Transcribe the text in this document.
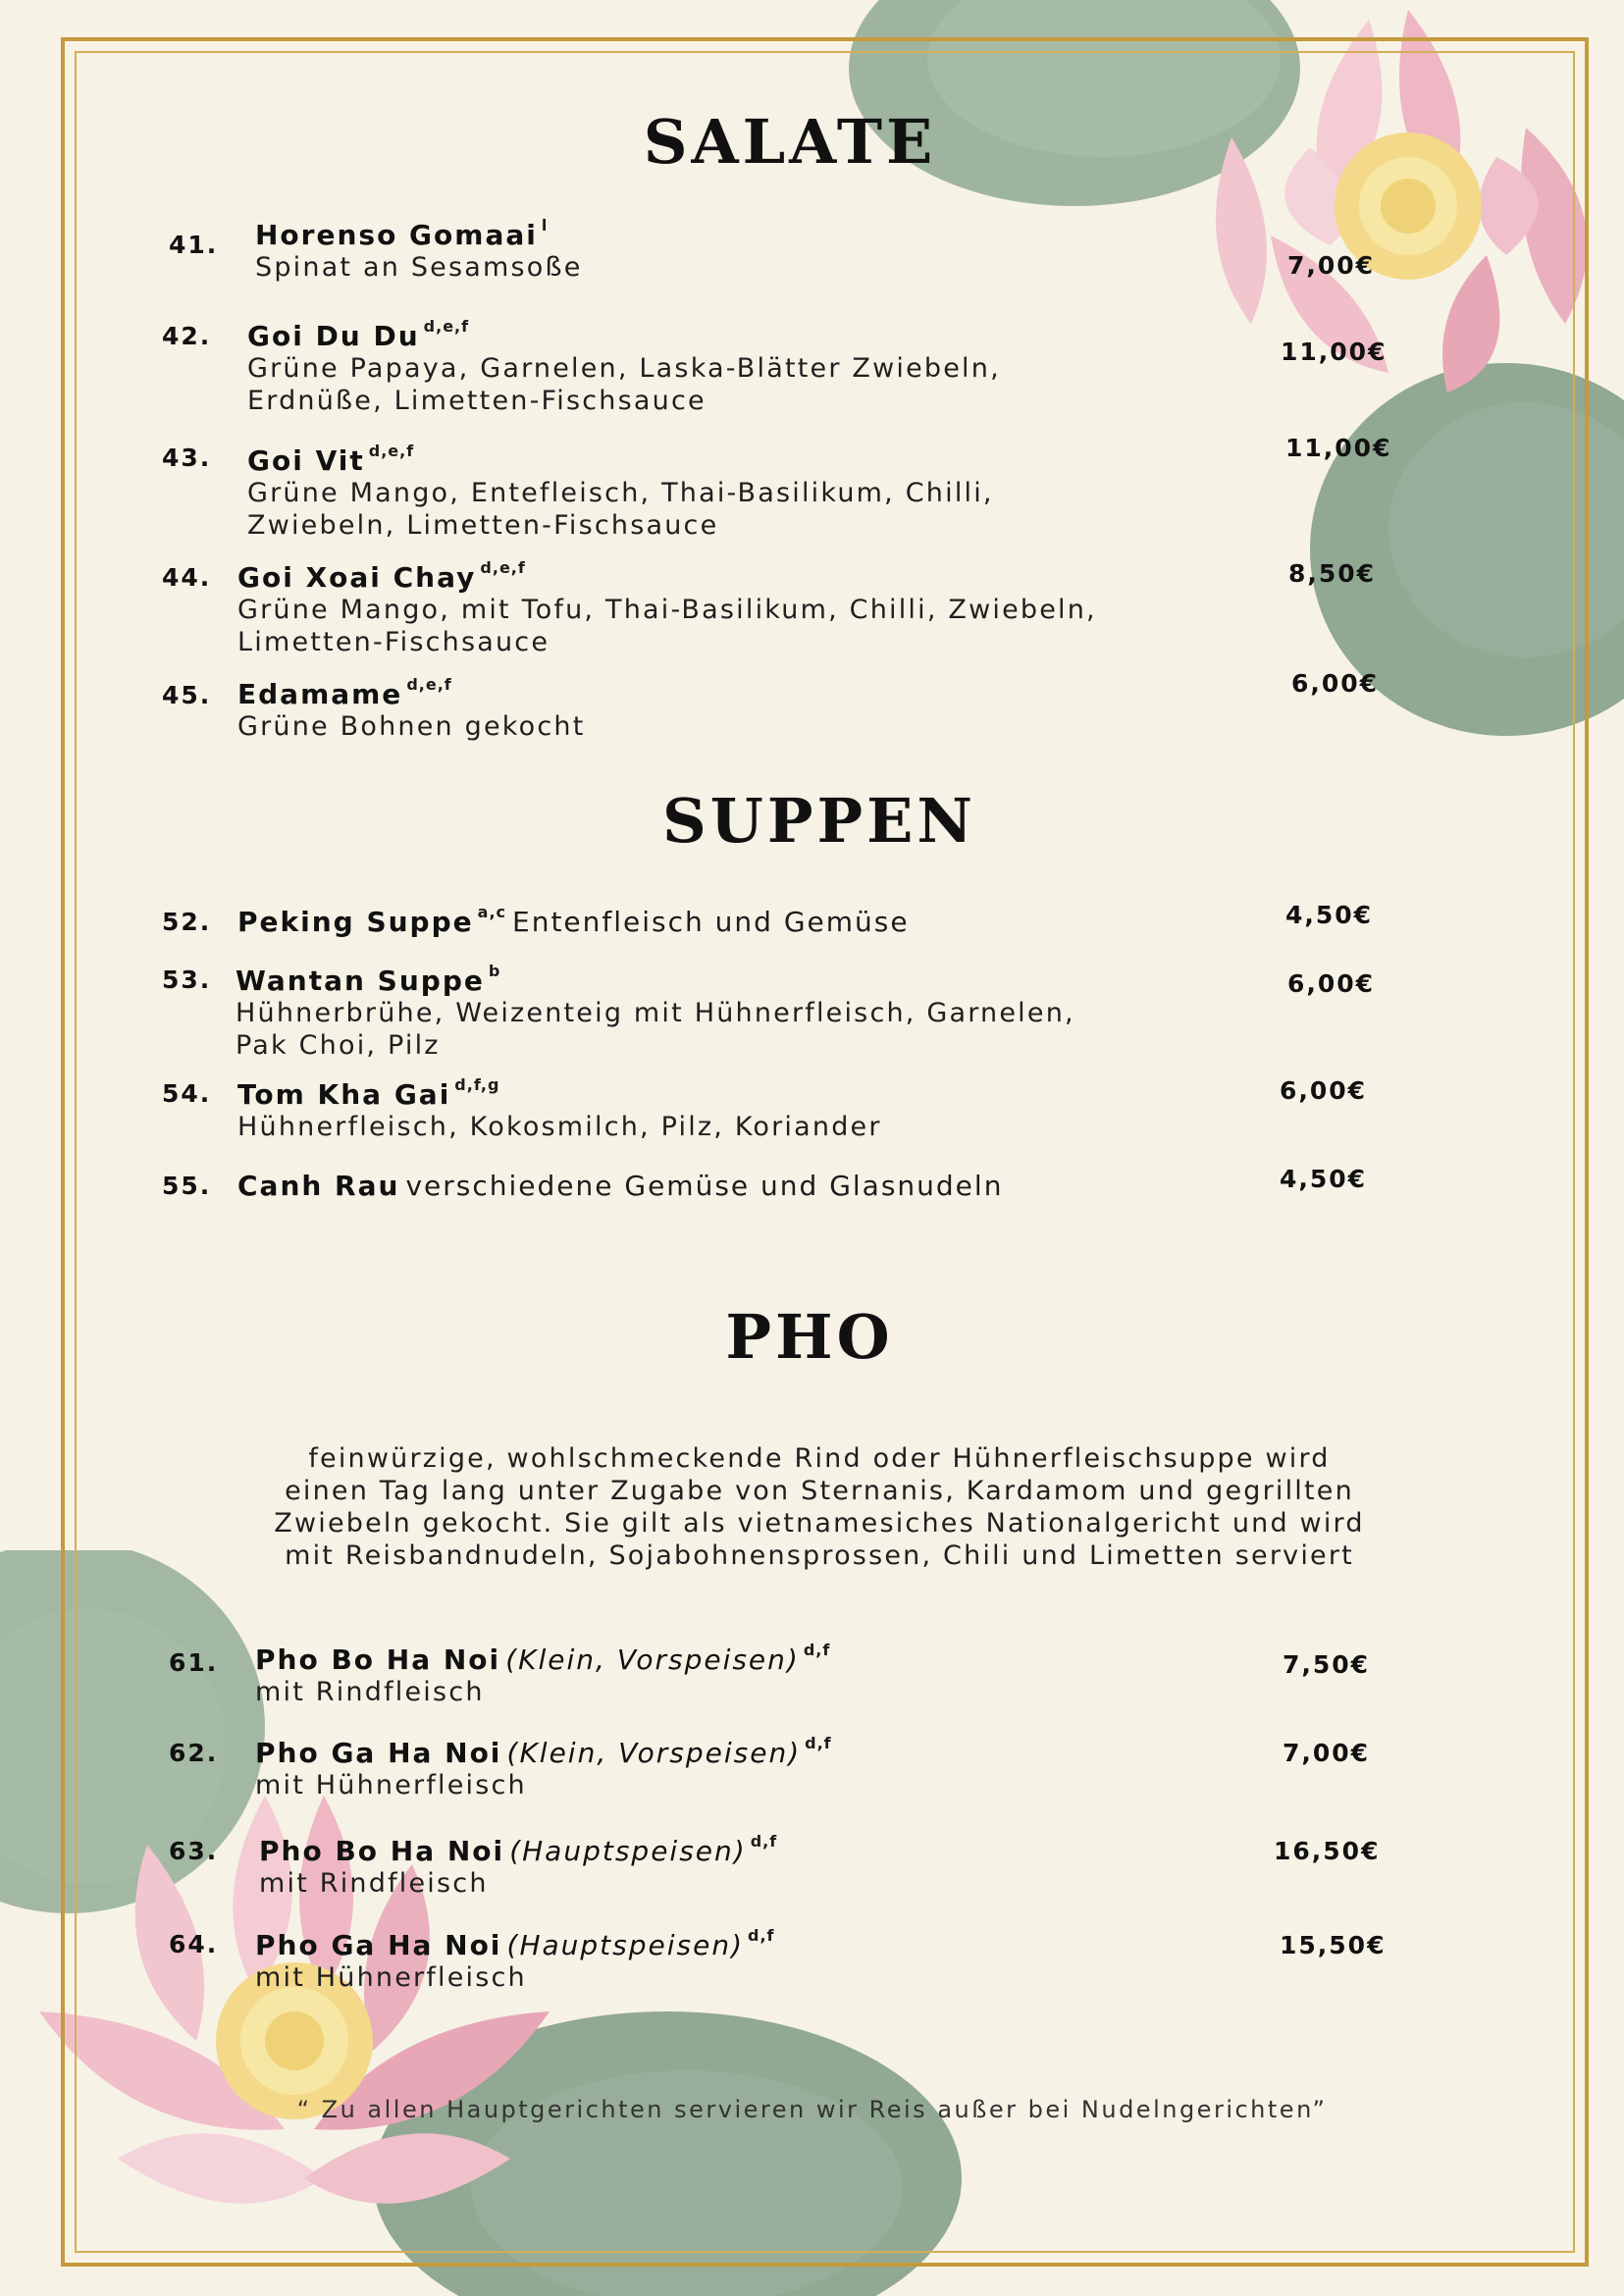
SALATE
41. Horenso Gomaai l
Spinat an Sesamsoße	7,00€
42. Goi Du Du d,e,f
Grüne Papaya, Garnelen, Laska-Blätter Zwiebeln,
Erdnüße, Limetten-Fischsauce
11,00€
43. Goi Vit d,e,f
Grüne Mango, Entefleisch, Thai-Basilikum, Chilli,
Zwiebeln, Limetten-Fischsauce
11,00€
44. Goi Xoai Chay d,e,f
Grüne Mango, mit Tofu, Thai-Basilikum, Chilli, Zwiebeln,
Limetten-Fischsauce
8,50€
45. Edamame d,e,f
Grüne Bohnen gekocht
6,00€
SUPPEN
52. Peking Suppe a,c Entenfleisch und Gemüse	4,50€
53. Wantan Suppe b
Hühnerbrühe, Weizenteig mit Hühnerfleisch, Garnelen,
Pak Choi, Pilz
6,00€
54. Tom Kha Gai d,f,g
Hühnerfleisch, Kokosmilch, Pilz, Koriander
6,00€
55. Canh Rau verschiedene Gemüse und Glasnudeln	4,50€
PHO
feinwürzige, wohlschmeckende Rind oder Hühnerfleischsuppe wird
einen Tag lang unter Zugabe von Sternanis, Kardamom und gegrillten
Zwiebeln gekocht. Sie gilt als vietnamesiches Nationalgericht und wird
mit Reisbandnudeln, Sojabohnensprossen, Chili und Limetten serviert
61. Pho Bo Ha Noi (Klein, Vorspeisen) d,f
mit Rindfleisch
7,50€
62. Pho Ga Ha Noi (Klein, Vorspeisen) d,f
mit Hühnerfleisch
7,00€
63. Pho Bo Ha Noi (Hauptspeisen) d,f
mit Rindfleisch
16,50€
64. Pho Ga Ha Noi (Hauptspeisen) d,f
mit Hühnerfleisch
15,50€
“ Zu allen Hauptgerichten servieren wir Reis außer bei Nudelngerichten”
